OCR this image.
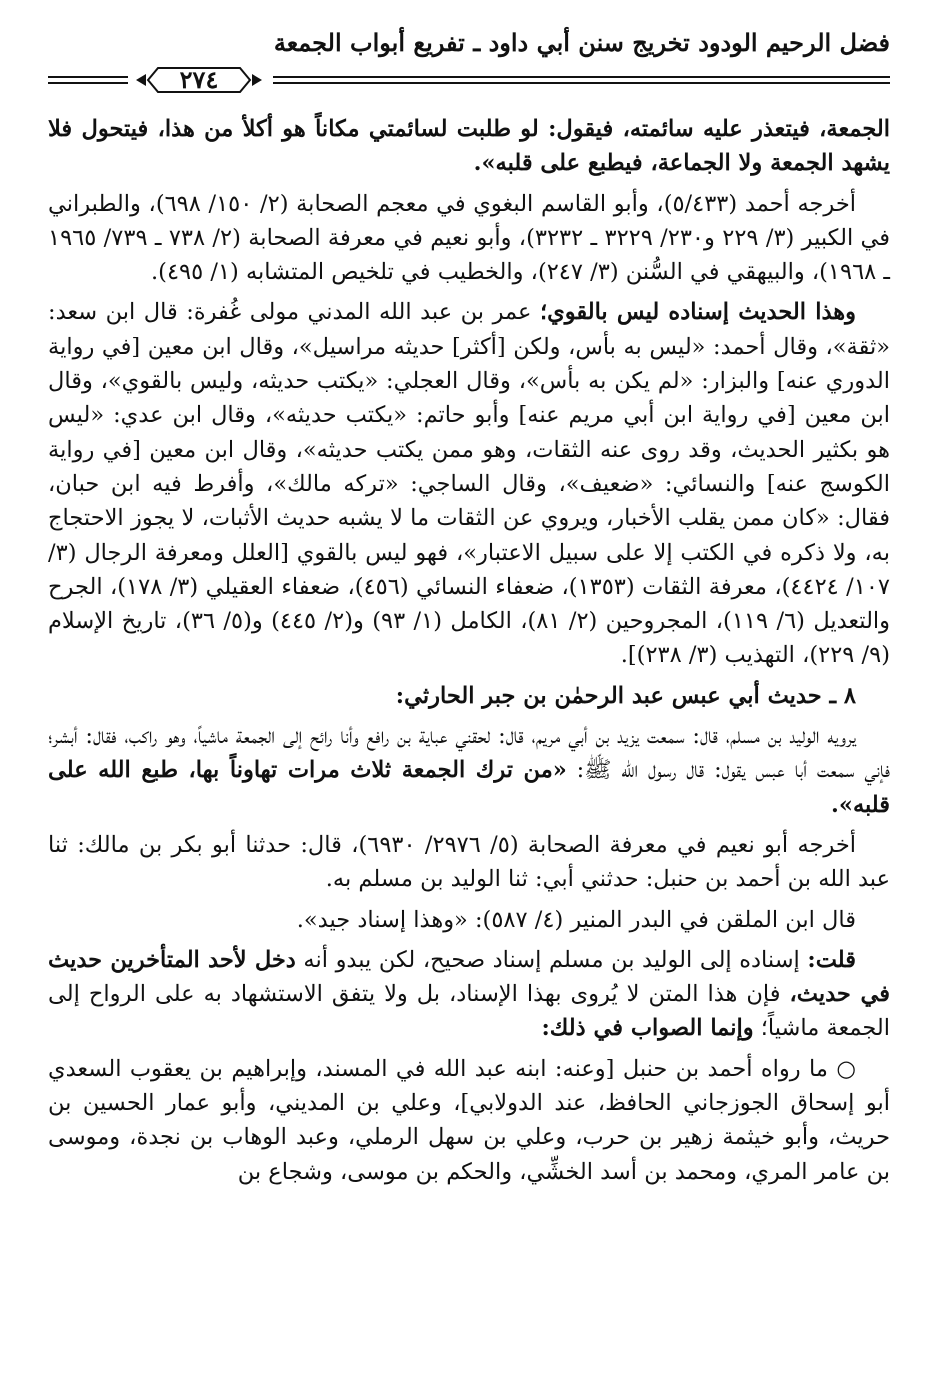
فضل الرحيم الودود تخريج سنن أبي داود ـ تفريع أبواب الجمعة
٢٧٤

الجمعة، فيتعذر عليه سائمته، فيقول: لو طلبت لسائمتي مكاناً هو أكلأ من هذا، فيتحول فلا يشهد الجمعة ولا الجماعة، فيطبع على قلبه».

أخرجه أحمد (٥/٤٣٣)، وأبو القاسم البغوي في معجم الصحابة (٢/ ١٥٠/ ٦٩٨)، والطبراني في الكبير (٣/ ٢٢٩ و٢٣٠/ ٣٢٢٩ ـ ٣٢٣٢)، وأبو نعيم في معرفة الصحابة (٢/ ٧٣٨ ـ ٧٣٩/ ١٩٦٥ ـ ١٩٦٨)، والبيهقي في السُّنن (٣/ ٢٤٧)، والخطيب في تلخيص المتشابه (١/ ٤٩٥).

وهذا الحديث إسناده ليس بالقوي؛ عمر بن عبد الله المدني مولى غُفرة: قال ابن سعد: «ثقة»، وقال أحمد: «ليس به بأس، ولكن [أكثر] حديثه مراسيل»، وقال ابن معين [في رواية الدوري عنه] والبزار: «لم يكن به بأس»، وقال العجلي: «يكتب حديثه، وليس بالقوي»، وقال ابن معين [في رواية ابن أبي مريم عنه] وأبو حاتم: «يكتب حديثه»، وقال ابن عدي: «ليس هو بكثير الحديث، وقد روى عنه الثقات، وهو ممن يكتب حديثه»، وقال ابن معين [في رواية الكوسج عنه] والنسائي: «ضعيف»، وقال الساجي: «تركه مالك»، وأفرط فيه ابن حبان، فقال: «كان ممن يقلب الأخبار، ويروي عن الثقات ما لا يشبه حديث الأثبات، لا يجوز الاحتجاج به، ولا ذكره في الكتب إلا على سبيل الاعتبار»، فهو ليس بالقوي [العلل ومعرفة الرجال (٣/ ١٠٧/ ٤٤٢٤)، معرفة الثقات (١٣٥٣)، ضعفاء النسائي (٤٥٦)، ضعفاء العقيلي (٣/ ١٧٨)، الجرح والتعديل (٦/ ١١٩)، المجروحين (٢/ ٨١)، الكامل (١/ ٩٣) و(٢/ ٤٤٥) و(٥/ ٣٦)، تاريخ الإسلام (٩/ ٢٢٩)، التهذيب (٣/ ٢٣٨)].

٨ ـ حديث أبي عبس عبد الرحمٰن بن جبر الحارثي:

يرويه الوليد بن مسلم، قال: سمعت يزيد بن أبي مريم، قال: لحقني عباية بن رافع وأنا رائح إلى الجمعة ماشياً، وهو راكب، فقال: أبشر؛ فإني سمعت أبا عبس يقول: قال رسول الله ﷺ: «من ترك الجمعة ثلاث مرات تهاوناً بها، طبع الله على قلبه».

أخرجه أبو نعيم في معرفة الصحابة (٥/ ٢٩٧٦/ ٦٩٣٠)، قال: حدثنا أبو بكر بن مالك: ثنا عبد الله بن أحمد بن حنبل: حدثني أبي: ثنا الوليد بن مسلم به.

قال ابن الملقن في البدر المنير (٤/ ٥٨٧): «وهذا إسناد جيد».

قلت: إسناده إلى الوليد بن مسلم إسناد صحيح، لكن يبدو أنه دخل لأحد المتأخرين حديث في حديث، فإن هذا المتن لا يُروى بهذا الإسناد، بل ولا يتفق الاستشهاد به على الرواح إلى الجمعة ماشياً؛ وإنما الصواب في ذلك:

○ ما رواه أحمد بن حنبل [وعنه: ابنه عبد الله في المسند، وإبراهيم بن يعقوب السعدي أبو إسحاق الجوزجاني الحافظ، عند الدولابي]، وعلي بن المديني، وأبو عمار الحسين بن حريث، وأبو خيثمة زهير بن حرب، وعلي بن سهل الرملي، وعبد الوهاب بن نجدة، وموسى بن عامر المري، ومحمد بن أسد الخشِّي، والحكم بن موسى، وشجاع بن
